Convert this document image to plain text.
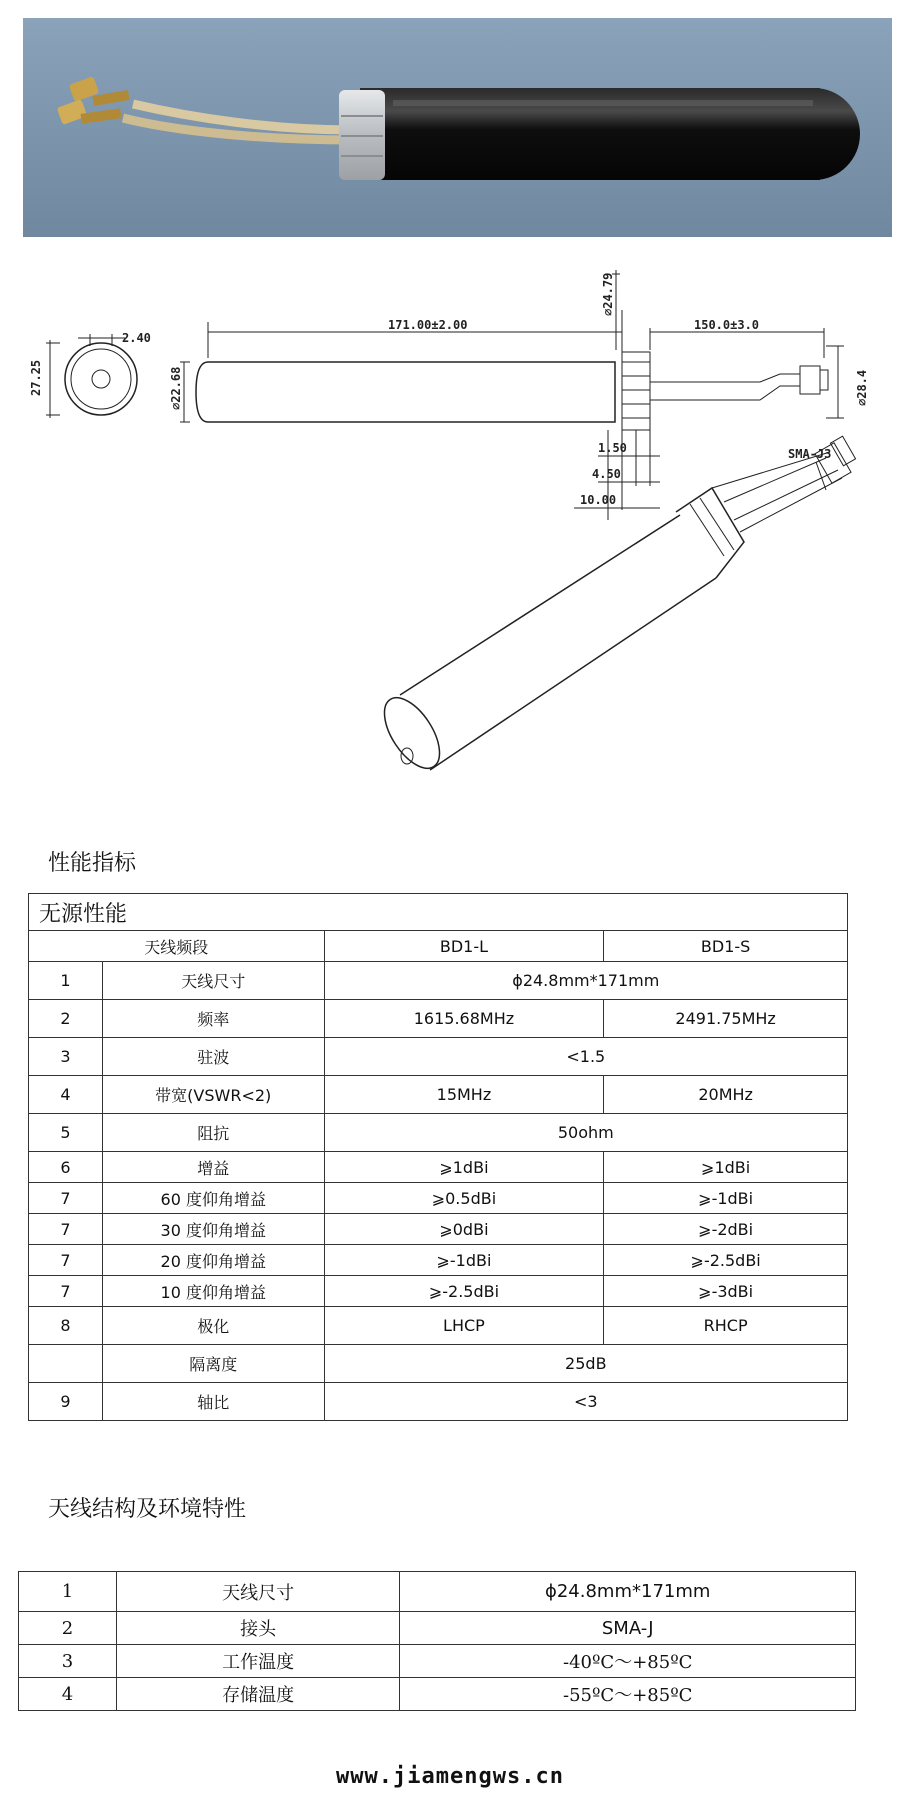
2.40
27.25	⌀22.68
171.00±2.00
⌀24.79
150.0±3.0
⌀28.4
1.50
4.50
10.00
SMA-J3
性能指标
无源性能			
天线频段		BD1-L	BD1-S
1	天线尺寸	ϕ24.8mm*171mm	
2	频率	1615.68MHz	2491.75MHz
3	驻波	<1.5	
4	带宽(VSWR<2)	15MHz	20MHz
5	阻抗	50ohm	
6	增益	⩾1dBi	⩾1dBi
7	60 度仰角增益	⩾0.5dBi	⩾-1dBi
7	30 度仰角增益	⩾0dBi	⩾-2dBi
7	20 度仰角增益	⩾-1dBi	⩾-2.5dBi
7	10 度仰角增益	⩾-2.5dBi	⩾-3dBi
8	极化	LHCP	RHCP
	隔离度	25dB	
9	轴比	<3	
天线结构及环境特性
1	天线尺寸	ϕ24.8mm*171mm
2	接头	SMA-J
3	工作温度	-40ºC～+85ºC
4	存储温度	-55ºC～+85ºC
www.jiamengws.cn
